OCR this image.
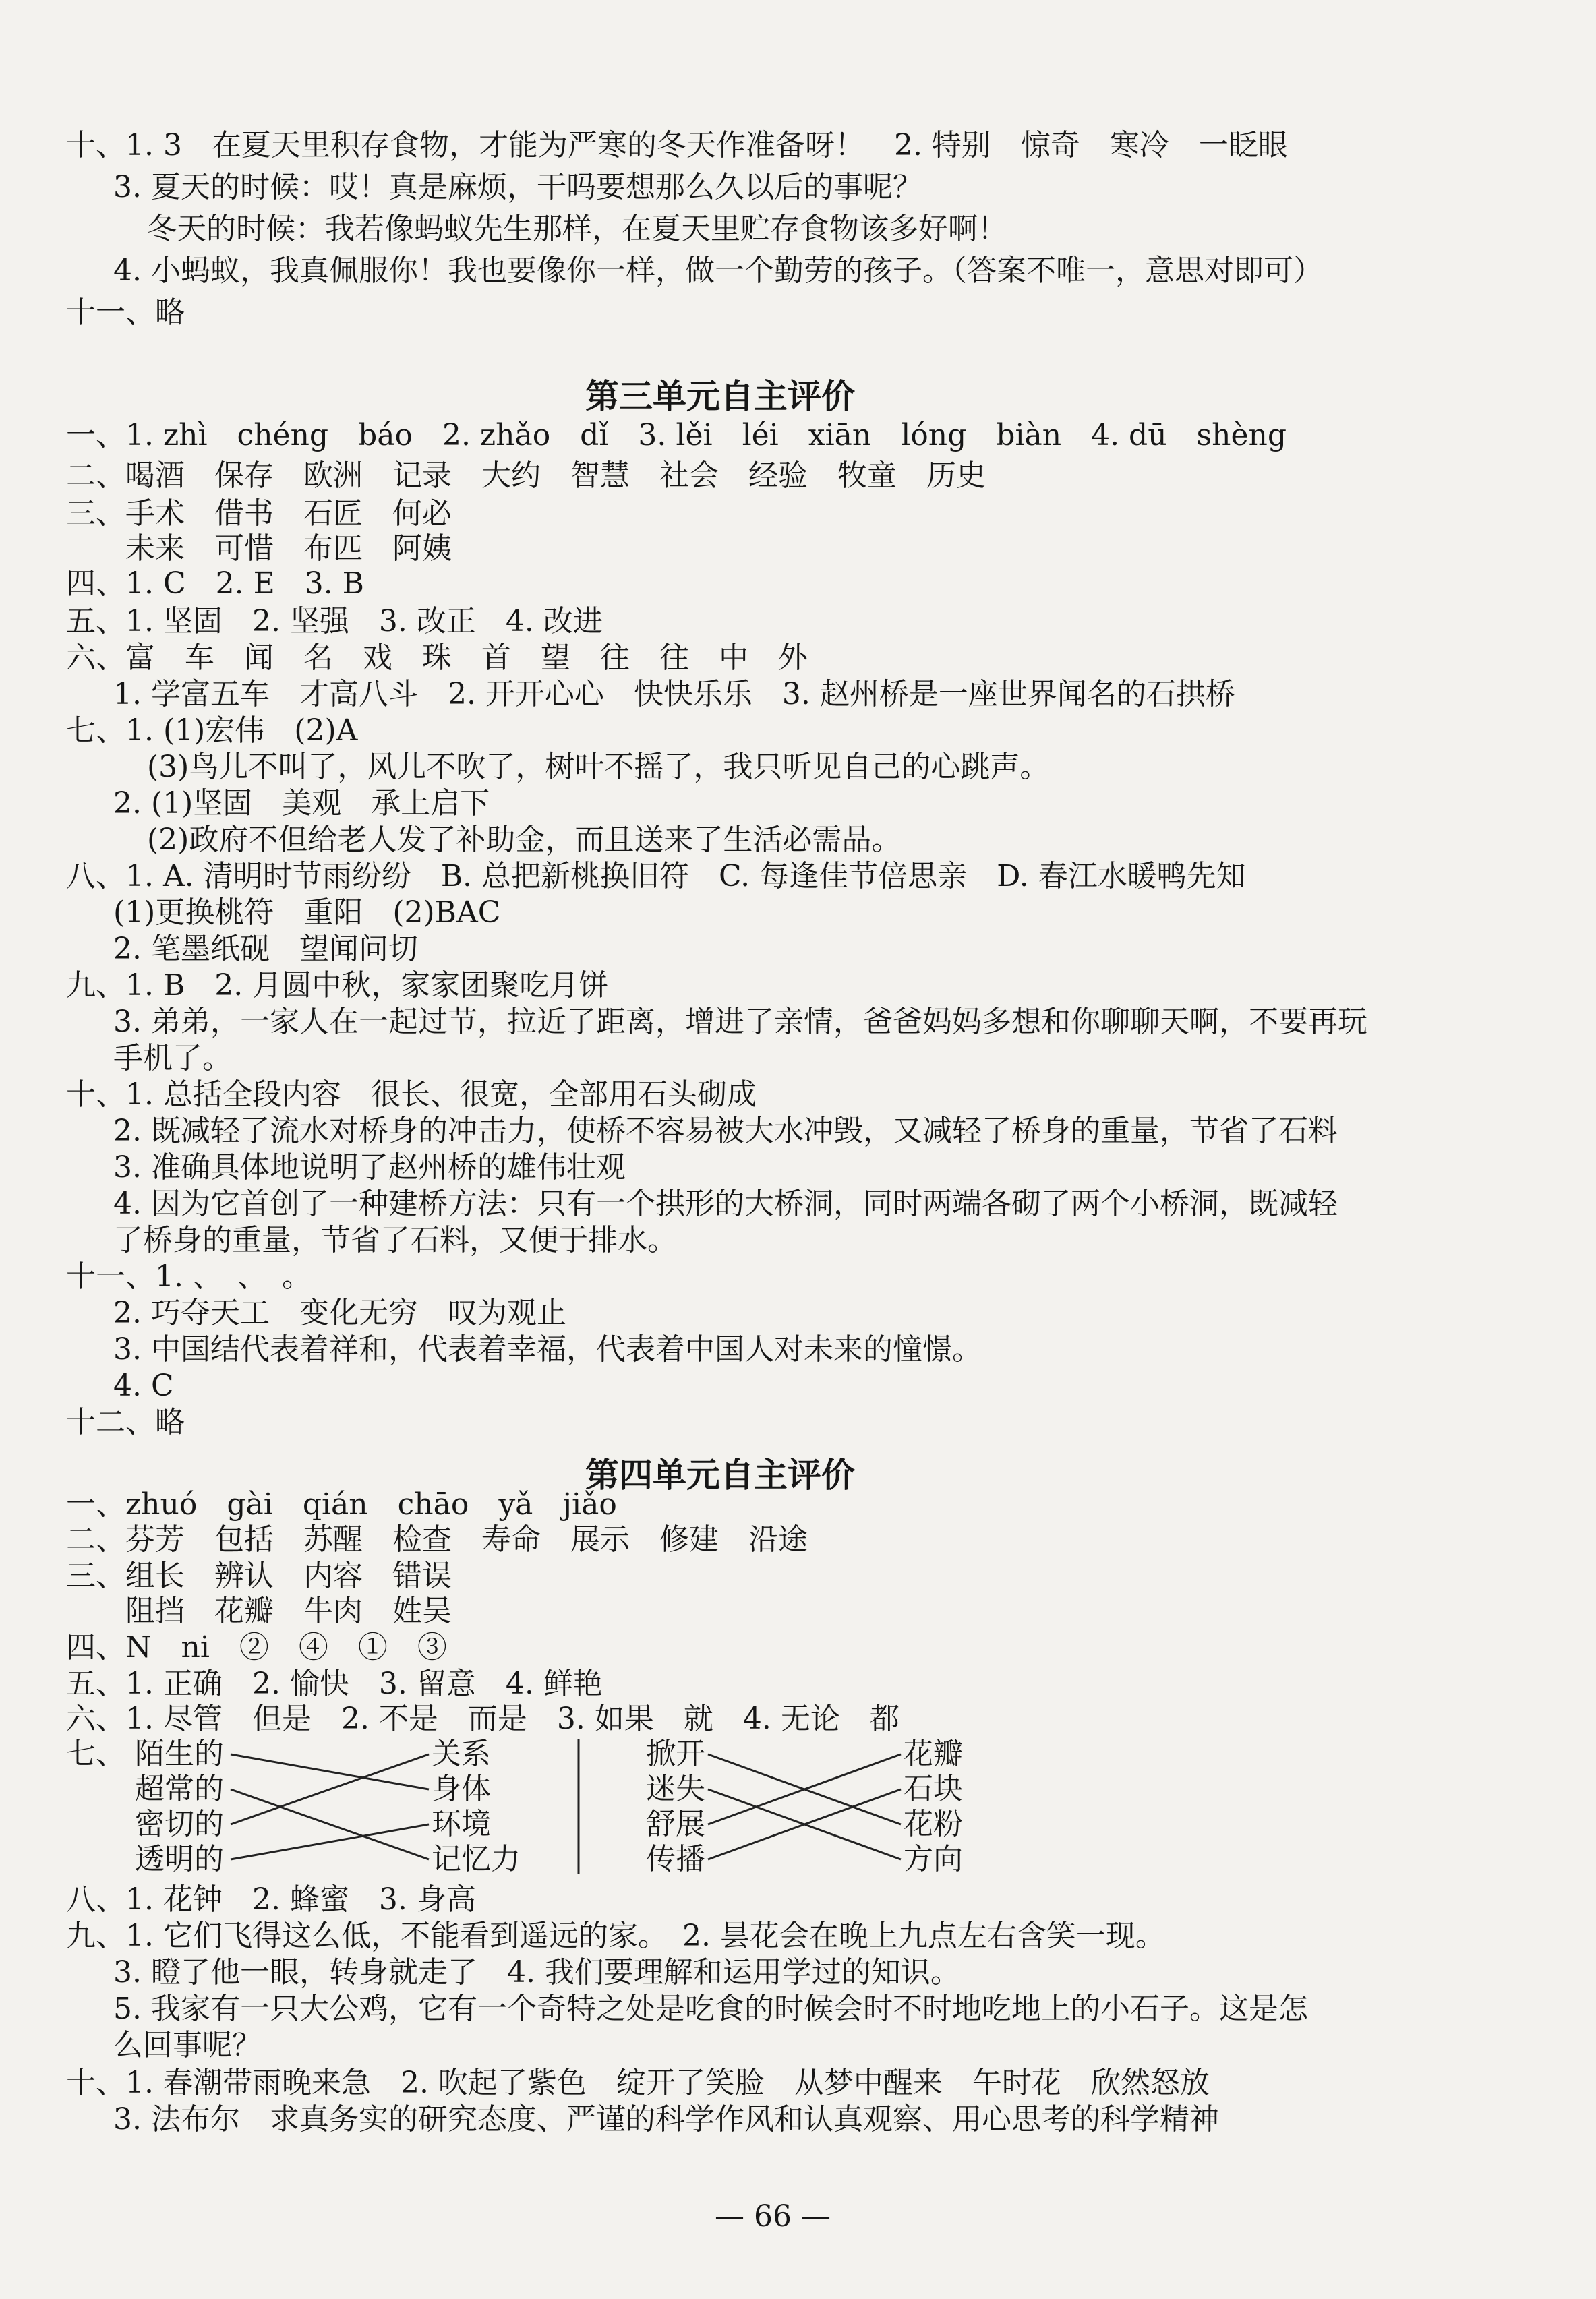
十、1. 3　在夏天里积存食物，才能为严寒的冬天作准备呀！　2. 特别　惊奇　寒冷　一眨眼
3. 夏天的时候：哎！真是麻烦，干吗要想那么久以后的事呢？
冬天的时候：我若像蚂蚁先生那样，在夏天里贮存食物该多好啊！
4. 小蚂蚁，我真佩服你！我也要像你一样，做一个勤劳的孩子。（答案不唯一，意思对即可）
十一、略
第三单元自主评价
一、1. zhì　chéng　báo　2. zhǎo　dǐ　3. lěi　léi　xiān　lóng　biàn　4. dū　shèng
二、喝酒　保存　欧洲　记录　大约　智慧　社会　经验　牧童　历史
三、手术　借书　石匠　何必
未来　可惜　布匹　阿姨
四、1. C　2. E　3. B
五、1. 坚固　2. 坚强　3. 改正　4. 改进
六、富　车　闻　名　戏　珠　首　望　往　往　中　外
1. 学富五车　才高八斗　2. 开开心心　快快乐乐　3. 赵州桥是一座世界闻名的石拱桥
七、1. (1)宏伟　(2)A
(3)鸟儿不叫了，风儿不吹了，树叶不摇了，我只听见自己的心跳声。
2. (1)坚固　美观　承上启下
(2)政府不但给老人发了补助金，而且送来了生活必需品。
八、1. A. 清明时节雨纷纷　B. 总把新桃换旧符　C. 每逢佳节倍思亲　D. 春江水暖鸭先知
(1)更换桃符　重阳　(2)BAC
2. 笔墨纸砚　望闻问切
九、1. B　2. 月圆中秋，家家团聚吃月饼
3. 弟弟，一家人在一起过节，拉近了距离，增进了亲情，爸爸妈妈多想和你聊聊天啊，不要再玩
手机了。
十、1. 总括全段内容　很长、很宽，全部用石头砌成
2. 既减轻了流水对桥身的冲击力，使桥不容易被大水冲毁，又减轻了桥身的重量，节省了石料
3. 准确具体地说明了赵州桥的雄伟壮观
4. 因为它首创了一种建桥方法：只有一个拱形的大桥洞，同时两端各砌了两个小桥洞，既减轻
了桥身的重量，节省了石料，又便于排水。
十一、1. 、　、　。
2. 巧夺天工　变化无穷　叹为观止
3. 中国结代表着祥和，代表着幸福，代表着中国人对未来的憧憬。
4. C
十二、略
第四单元自主评价
一、zhuó　gài　qián　chāo　yǎ　jiǎo
二、芬芳　包括　苏醒　检查　寿命　展示　修建　沿途
三、组长　辨认　内容　错误
阻挡　花瓣　牛肉　姓吴
四、N　ni　②　④　①　③
五、1. 正确　2. 愉快　3. 留意　4. 鲜艳
六、1. 尽管　但是　2. 不是　而是　3. 如果　就　4. 无论　都
七、 陌生的
超常的
密切的
透明的
关系
身体
环境
记忆力
掀开
迷失
舒展
传播
花瓣
石块
花粉
方向
八、1. 花钟　2. 蜂蜜　3. 身高
九、1. 它们飞得这么低，不能看到遥远的家。　2. 昙花会在晚上九点左右含笑一现。
3. 瞪了他一眼，转身就走了　4. 我们要理解和运用学过的知识。
5. 我家有一只大公鸡，它有一个奇特之处是吃食的时候会时不时地吃地上的小石子。这是怎
么回事呢？
十、1. 春潮带雨晚来急　2. 吹起了紫色　绽开了笑脸　从梦中醒来　午时花　欣然怒放
3. 法布尔　求真务实的研究态度、严谨的科学作风和认真观察、用心思考的科学精神
— 66 —
